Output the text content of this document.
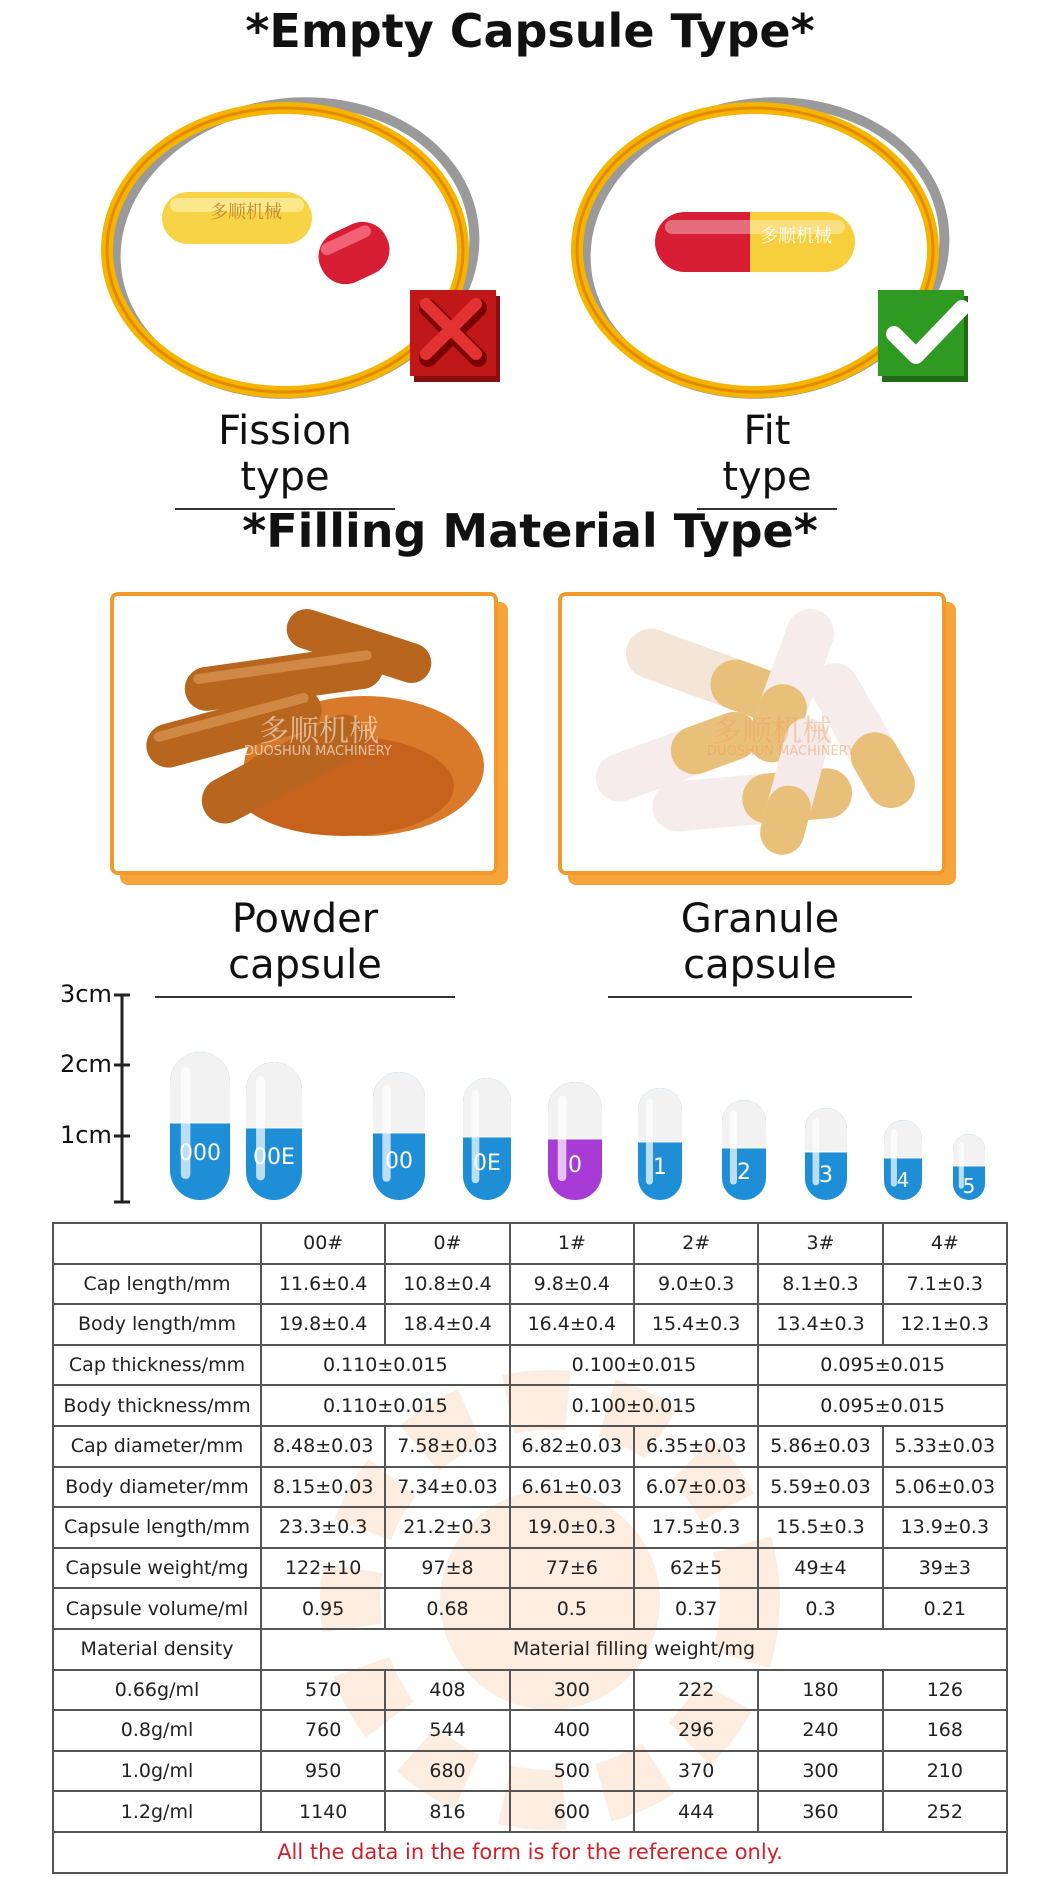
*Empty Capsule Type*
多顺机械
多顺机械
Fission type
Fit type
*Filling Material Type*
多顺机械
DUOSHUN MACHINERY
多顺机械
DUOSHUN MACHINERY
Powder capsule
Granule capsule
3cm
2cm
1cm
000	00E	00	0E	0	1	2	3	4	5
	00#	0#	1#	2#	3#	4#
Cap length/mm	11.6±0.4	10.8±0.4	9.8±0.4	9.0±0.3	8.1±0.3	7.1±0.3
Body length/mm	19.8±0.4	18.4±0.4	16.4±0.4	15.4±0.3	13.4±0.3	12.1±0.3
Cap thickness/mm	0.110±0.015		0.100±0.015		0.095±0.015	
Body thickness/mm	0.110±0.015		0.100±0.015		0.095±0.015	
Cap diameter/mm	8.48±0.03	7.58±0.03	6.82±0.03	6.35±0.03	5.86±0.03	5.33±0.03
Body diameter/mm	8.15±0.03	7.34±0.03	6.61±0.03	6.07±0.03	5.59±0.03	5.06±0.03
Capsule length/mm	23.3±0.3	21.2±0.3	19.0±0.3	17.5±0.3	15.5±0.3	13.9±0.3
Capsule weight/mg	122±10	97±8	77±6	62±5	49±4	39±3
Capsule volume/ml	0.95	0.68	0.5	0.37	0.3	0.21
Material density	Material filling weight/mg					
0.66g/ml	570	408	300	222	180	126
0.8g/ml	760	544	400	296	240	168
1.0g/ml	950	680	500	370	300	210
1.2g/ml	1140	816	600	444	360	252
All the data in the form is for the reference only.						
